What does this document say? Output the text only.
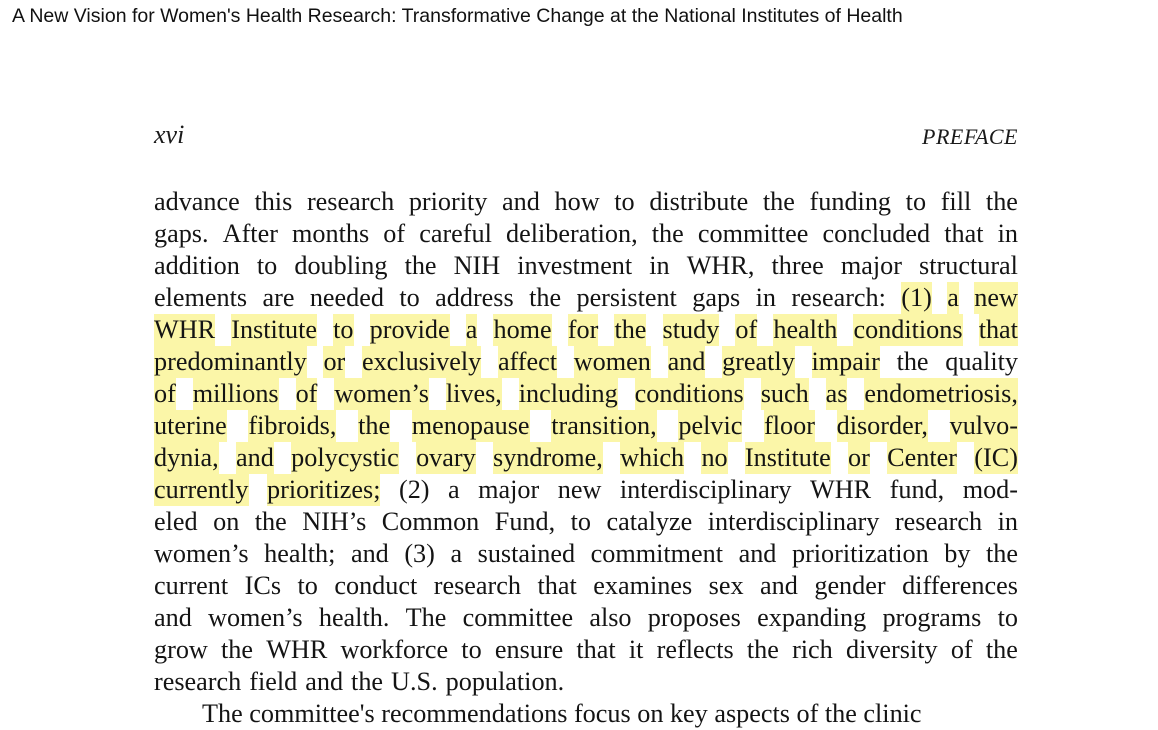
A New Vision for Women's Health Research: Transformative Change at the National Institutes of Health
xvi	PREFACE
advance this research priority and how to distribute the funding to fill the
gaps. After months of careful deliberation, the committee concluded that in
addition to doubling the NIH investment in WHR, three major structural
elements are needed to address the persistent gaps in research: (1) a new
WHR Institute to provide a home for the study of health conditions that
predominantly or exclusively affect women and greatly impair the quality
of millions of women’s lives, including conditions such as endometriosis,
uterine fibroids, the menopause transition, pelvic floor disorder, vulvo-
dynia, and polycystic ovary syndrome, which no Institute or Center (IC)
currently prioritizes; (2) a major new interdisciplinary WHR fund, mod-
eled on the NIH’s Common Fund, to catalyze interdisciplinary research in
women’s health; and (3) a sustained commitment and prioritization by the
current ICs to conduct research that examines sex and gender differences
and women’s health. The committee also proposes expanding programs to
grow the WHR workforce to ensure that it reflects the rich diversity of the
research field and the U.S. population.
The committee's recommendations focus on key aspects of the clinic
